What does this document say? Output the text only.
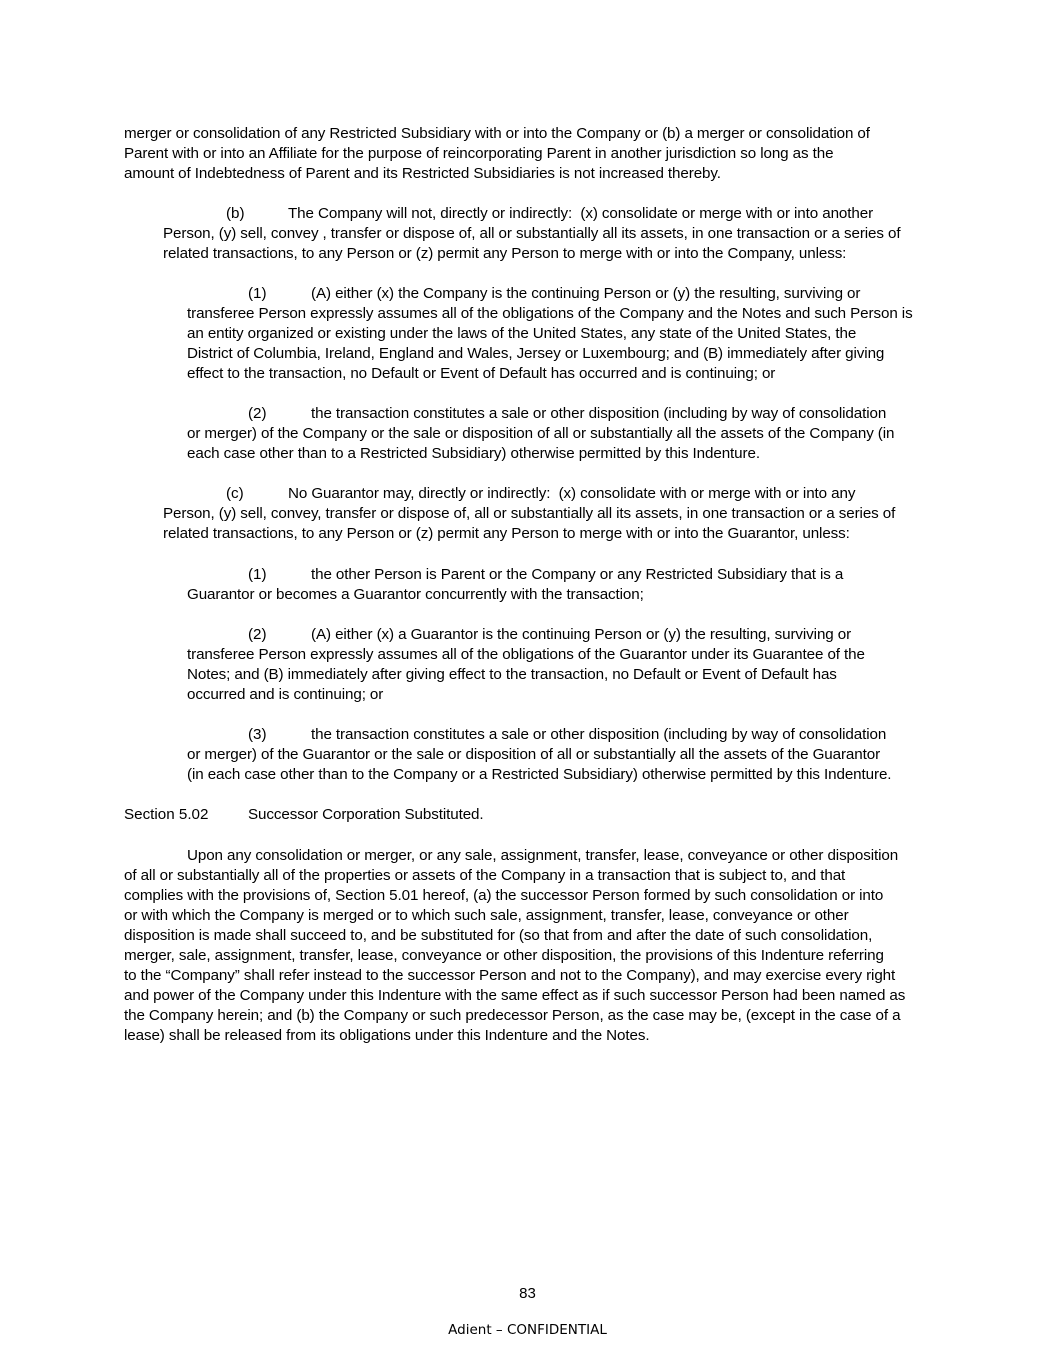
merger or consolidation of any Restricted Subsidiary with or into the Company or (b) a merger or consolidation of
Parent with or into an Affiliate for the purpose of reincorporating Parent in another jurisdiction so long as the
amount of Indebtedness of Parent and its Restricted Subsidiaries is not increased thereby.
(b)	The Company will not, directly or indirectly:  (x) consolidate or merge with or into another
Person, (y) sell, convey , transfer or dispose of, all or substantially all its assets, in one transaction or a series of
related transactions, to any Person or (z) permit any Person to merge with or into the Company, unless:
(1)	(A) either (x) the Company is the continuing Person or (y) the resulting, surviving or
transferee Person expressly assumes all of the obligations of the Company and the Notes and such Person is
an entity organized or existing under the laws of the United States, any state of the United States, the
District of Columbia, Ireland, England and Wales, Jersey or Luxembourg; and (B) immediately after giving
effect to the transaction, no Default or Event of Default has occurred and is continuing; or
(2)	the transaction constitutes a sale or other disposition (including by way of consolidation
or merger) of the Company or the sale or disposition of all or substantially all the assets of the Company (in
each case other than to a Restricted Subsidiary) otherwise permitted by this Indenture.
(c)	No Guarantor may, directly or indirectly:  (x) consolidate with or merge with or into any
Person, (y) sell, convey, transfer or dispose of, all or substantially all its assets, in one transaction or a series of
related transactions, to any Person or (z) permit any Person to merge with or into the Guarantor, unless:
(1)	the other Person is Parent or the Company or any Restricted Subsidiary that is a
Guarantor or becomes a Guarantor concurrently with the transaction;
(2)	(A) either (x) a Guarantor is the continuing Person or (y) the resulting, surviving or
transferee Person expressly assumes all of the obligations of the Guarantor under its Guarantee of the
Notes; and (B) immediately after giving effect to the transaction, no Default or Event of Default has
occurred and is continuing; or
(3)	the transaction constitutes a sale or other disposition (including by way of consolidation
or merger) of the Guarantor or the sale or disposition of all or substantially all the assets of the Guarantor
(in each case other than to the Company or a Restricted Subsidiary) otherwise permitted by this Indenture.
Section 5.02	Successor Corporation Substituted.
Upon any consolidation or merger, or any sale, assignment, transfer, lease, conveyance or other disposition
of all or substantially all of the properties or assets of the Company in a transaction that is subject to, and that
complies with the provisions of, Section 5.01 hereof, (a) the successor Person formed by such consolidation or into
or with which the Company is merged or to which such sale, assignment, transfer, lease, conveyance or other
disposition is made shall succeed to, and be substituted for (so that from and after the date of such consolidation,
merger, sale, assignment, transfer, lease, conveyance or other disposition, the provisions of this Indenture referring
to the “Company” shall refer instead to the successor Person and not to the Company), and may exercise every right
and power of the Company under this Indenture with the same effect as if such successor Person had been named as
the Company herein; and (b) the Company or such predecessor Person, as the case may be, (except in the case of a
lease) shall be released from its obligations under this Indenture and the Notes.
83
Adient – CONFIDENTIAL
